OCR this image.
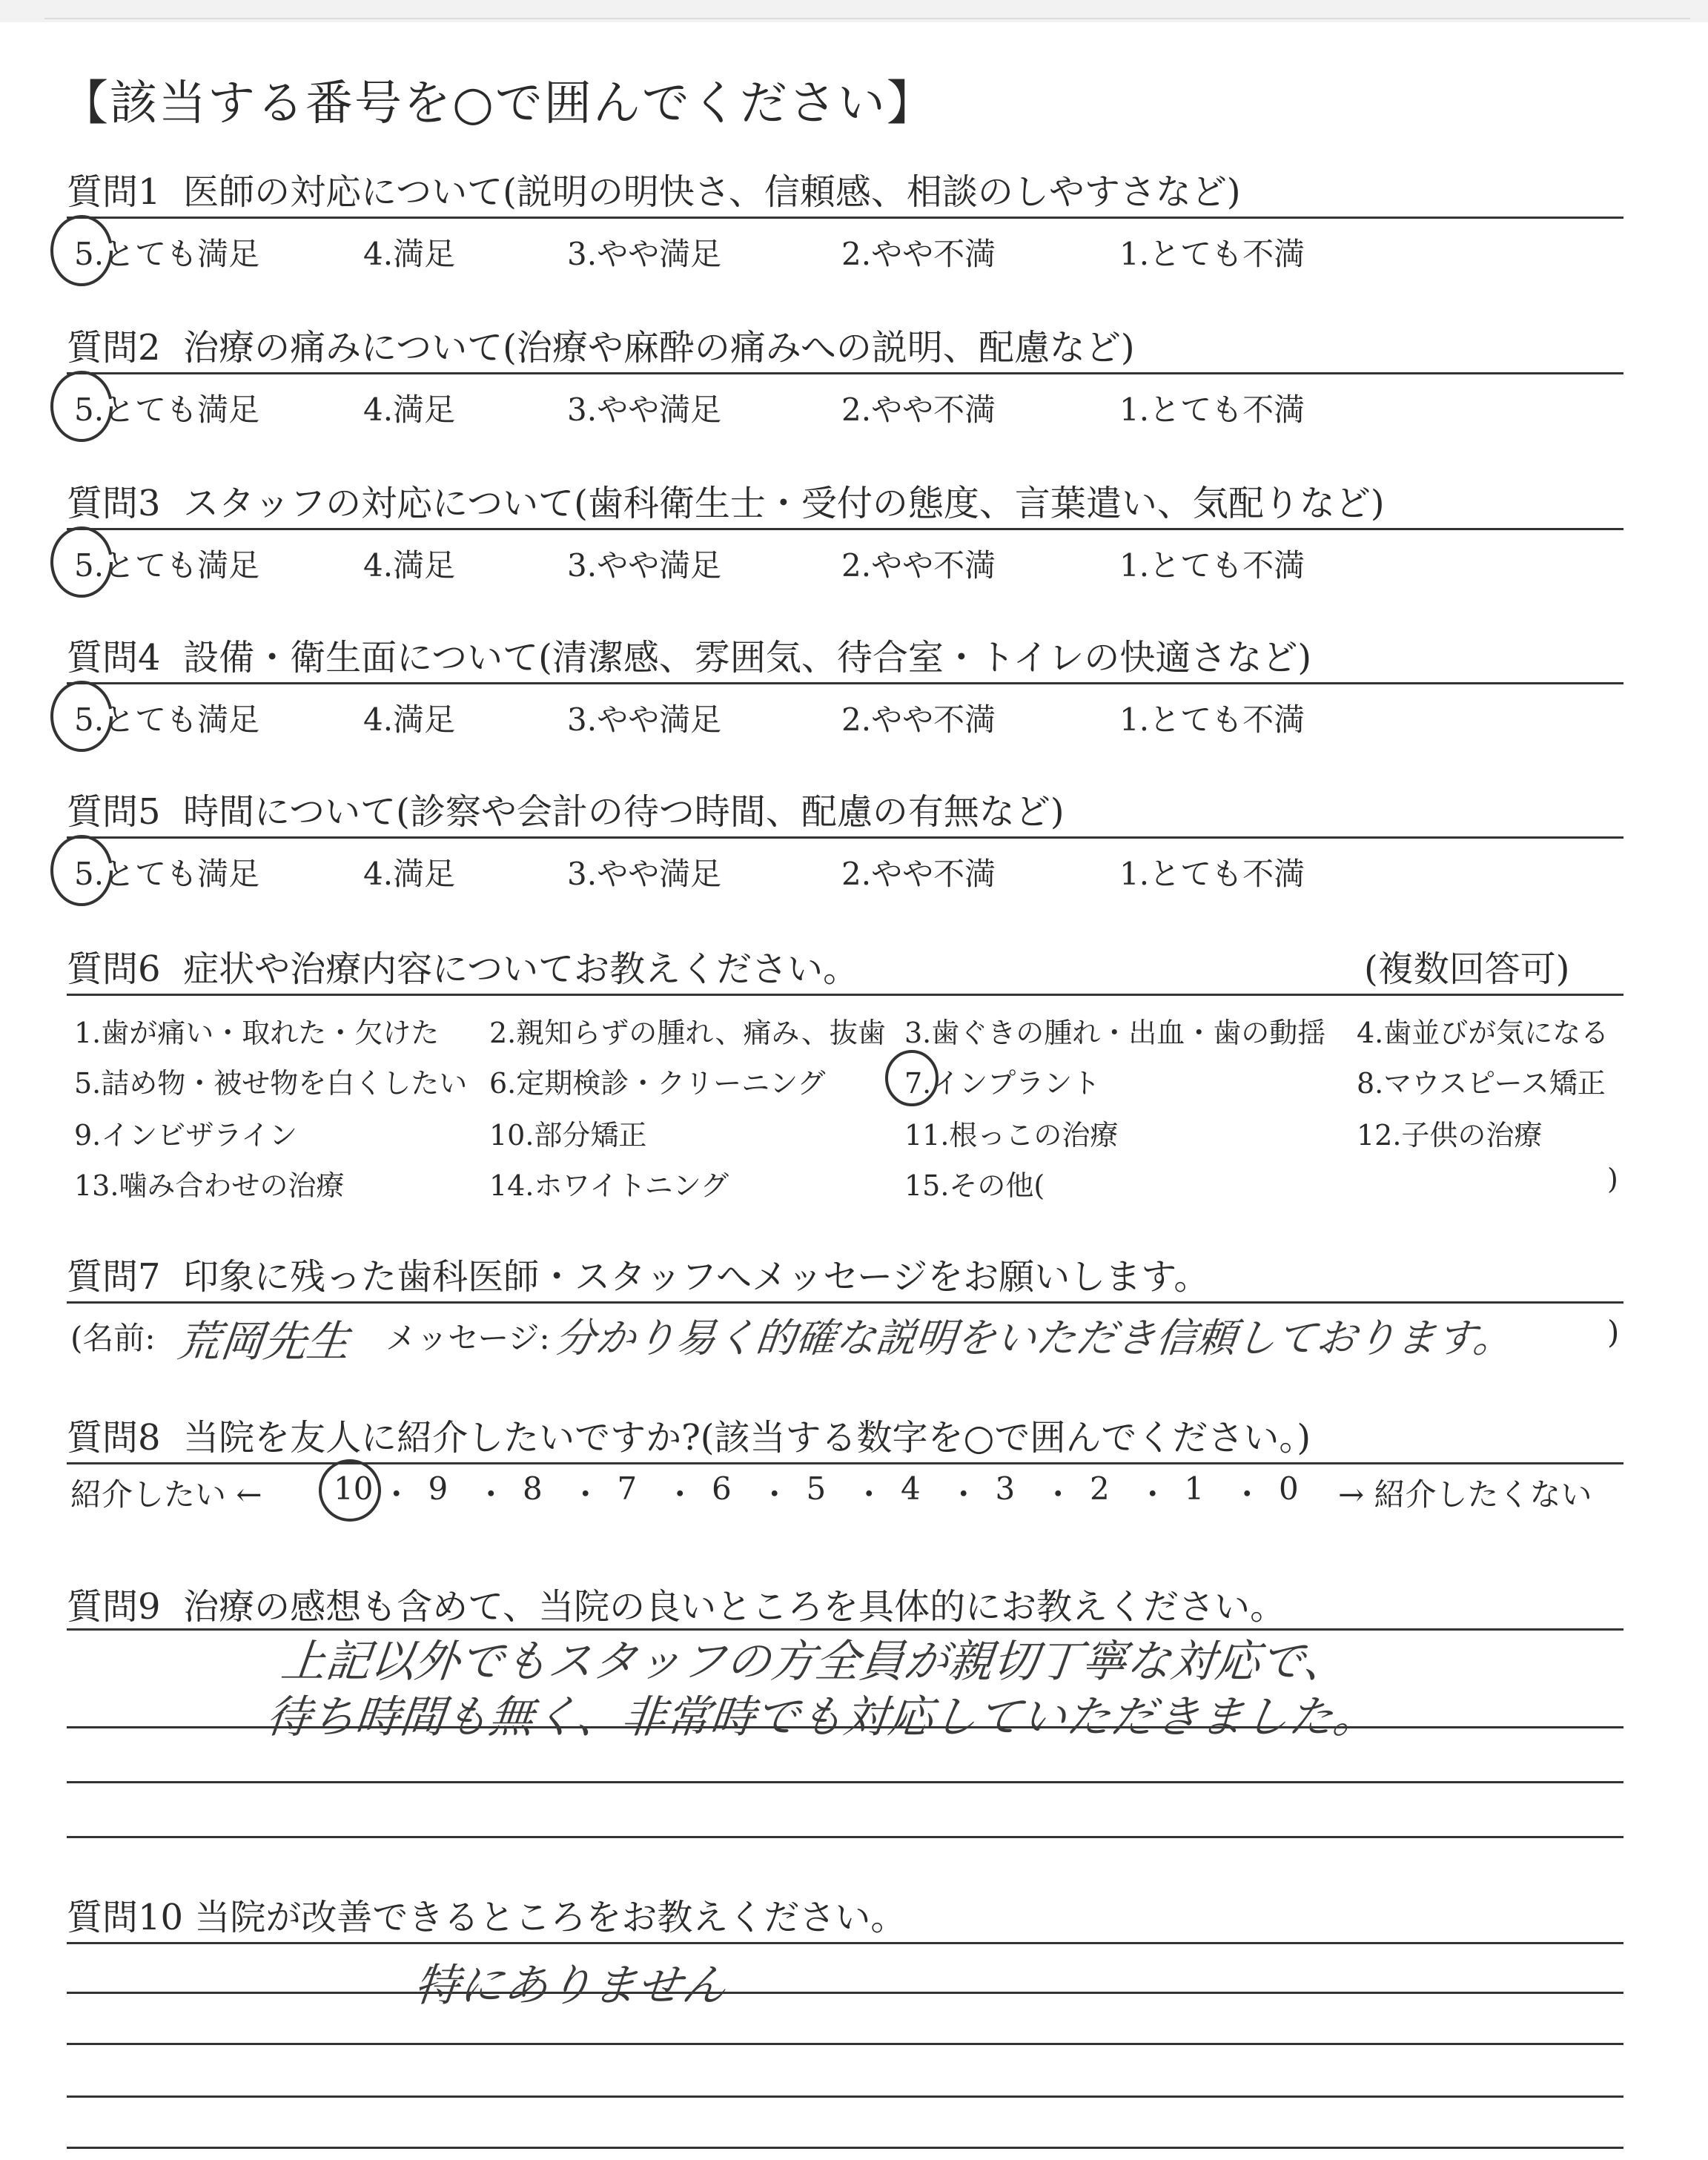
【該当する番号を○で囲んでください】
質問1 医師の対応について(説明の明快さ、信頼感、相談のしやすさなど)
5.とても満足	4.満足	3.やや満足	2.やや不満	1.とても不満
質問2 治療の痛みについて(治療や麻酔の痛みへの説明、配慮など)
5.とても満足	4.満足	3.やや満足	2.やや不満	1.とても不満
質問3 スタッフの対応について(歯科衛生士・受付の態度、言葉遣い、気配りなど)
5.とても満足	4.満足	3.やや満足	2.やや不満	1.とても不満
質問4 設備・衛生面について(清潔感、雰囲気、待合室・トイレの快適さなど)
5.とても満足	4.満足	3.やや満足	2.やや不満	1.とても不満
質問5 時間について(診察や会計の待つ時間、配慮の有無など)
5.とても満足	4.満足	3.やや満足	2.やや不満	1.とても不満
質問6 症状や治療内容についてお教えください。	(複数回答可)
1.歯が痛い・取れた・欠けた 2.親知らずの腫れ、痛み、抜歯 3.歯ぐきの腫れ・出血・歯の動揺 4.歯並びが気になる
5.詰め物・被せ物を白くしたい 6.定期検診・クリーニング	7.インプラント	8.マウスピース矯正
9.インビザライン	10.部分矯正	11.根っこの治療	12.子供の治療
13.噛み合わせの治療	14.ホワイトニング	15.その他(	)
質問7 印象に残った歯科医師・スタッフへメッセージをお願いします。
(名前: 荒岡先生 メッセージ: 分かり易く的確な説明をいただき信頼しております。	)
質問8 当院を友人に紹介したいですか?(該当する数字を○で囲んでください。)
紹介したい ←	→ 紹介したくない
10 ・ 9 ・ 8 ・ 7 ・ 6 ・ 5 ・ 4 ・ 3 ・ 2 ・ 1 ・ 0
質問9 治療の感想も含めて、当院の良いところを具体的にお教えください。
上記以外でもスタッフの方全員が親切丁寧な対応で、
待ち時間も無く、非常時でも対応していただきました。
質問10 当院が改善できるところをお教えください。
特にありません
